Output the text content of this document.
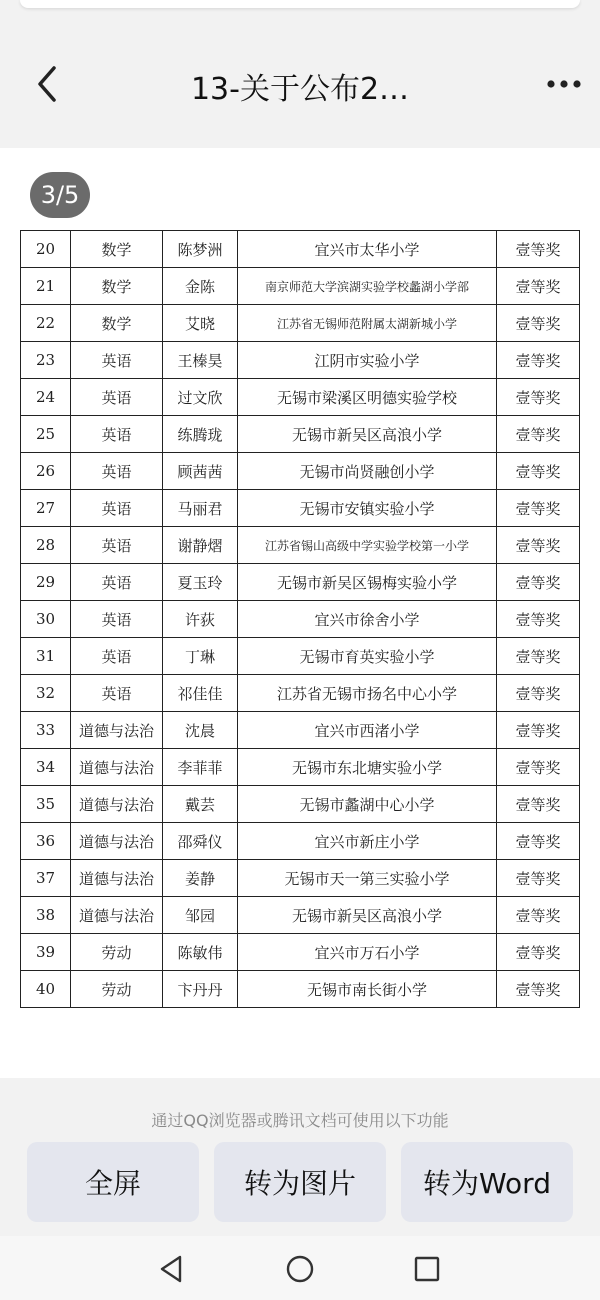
13-关于公布2…
3/5
20	数学	陈梦洲	宜兴市太华小学	壹等奖
21	数学	金陈	南京师范大学滨湖实验学校蠡湖小学部	壹等奖
22	数学	艾晓	江苏省无锡师范附属太湖新城小学	壹等奖
23	英语	王榛昊	江阴市实验小学	壹等奖
24	英语	过文欣	无锡市梁溪区明德实验学校	壹等奖
25	英语	练腾珑	无锡市新吴区高浪小学	壹等奖
26	英语	顾茜茜	无锡市尚贤融创小学	壹等奖
27	英语	马丽君	无锡市安镇实验小学	壹等奖
28	英语	谢静熠	江苏省锡山高级中学实验学校第一小学	壹等奖
29	英语	夏玉玲	无锡市新吴区锡梅实验小学	壹等奖
30	英语	许荻	宜兴市徐舍小学	壹等奖
31	英语	丁琳	无锡市育英实验小学	壹等奖
32	英语	祁佳佳	江苏省无锡市扬名中心小学	壹等奖
33	道德与法治	沈晨	宜兴市西渚小学	壹等奖
34	道德与法治	李菲菲	无锡市东北塘实验小学	壹等奖
35	道德与法治	戴芸	无锡市蠡湖中心小学	壹等奖
36	道德与法治	邵舜仪	宜兴市新庄小学	壹等奖
37	道德与法治	姜静	无锡市天一第三实验小学	壹等奖
38	道德与法治	邹园	无锡市新吴区高浪小学	壹等奖
39	劳动	陈敏伟	宜兴市万石小学	壹等奖
40	劳动	卞丹丹	无锡市南长街小学	壹等奖
通过QQ浏览器或腾讯文档可使用以下功能
全屏	转为图片	转为Word
